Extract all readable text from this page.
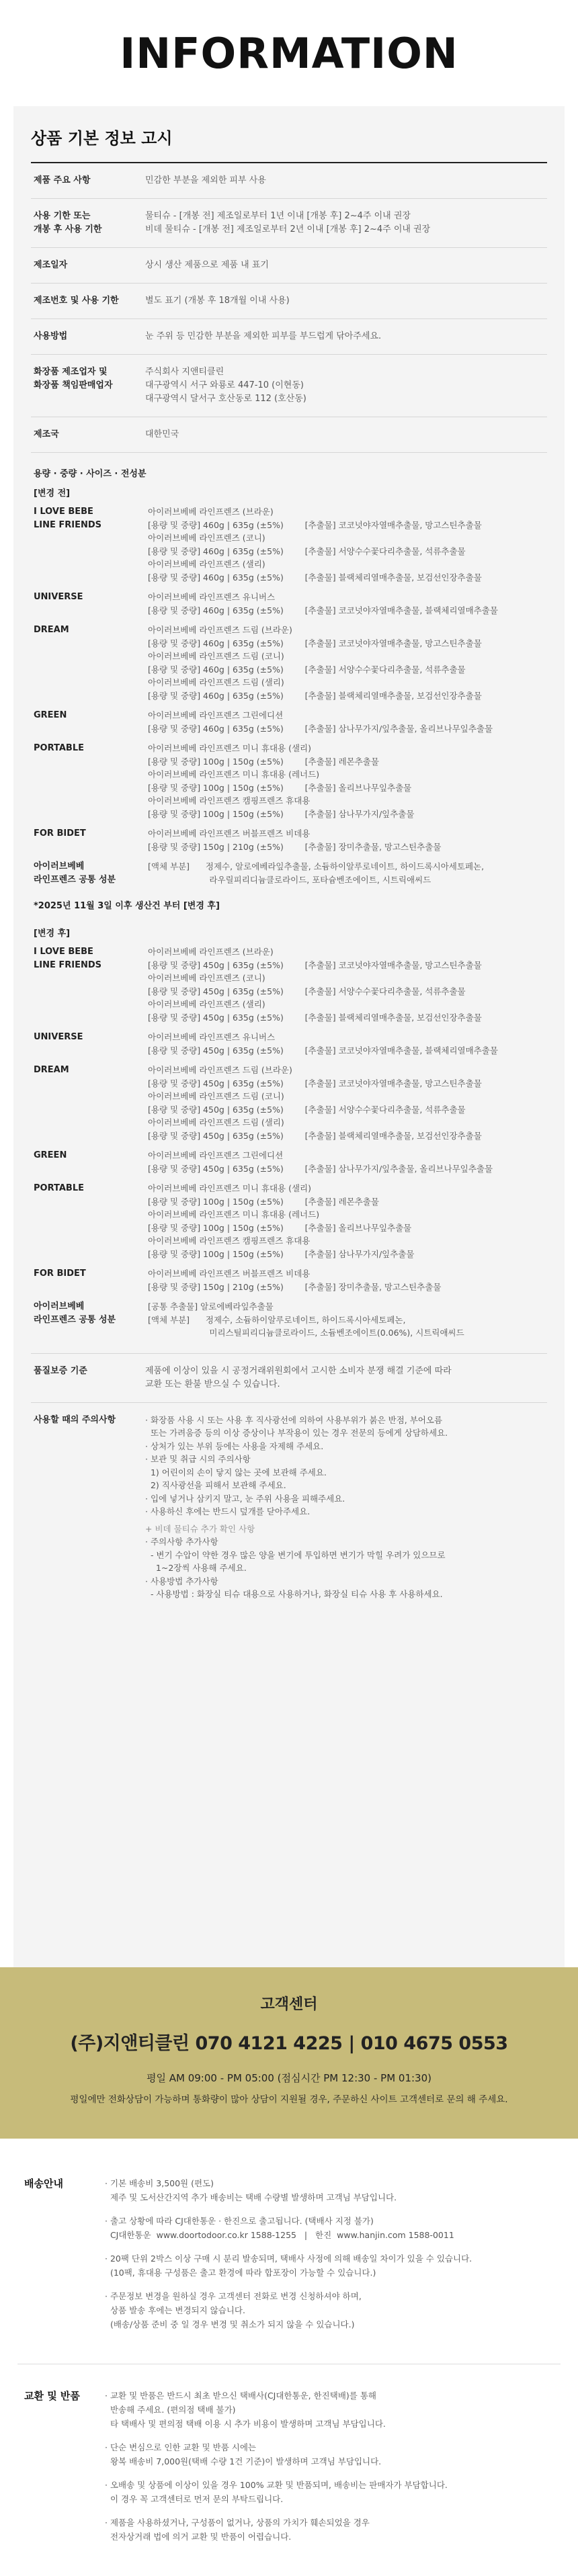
INFORMATION
상품 기본 정보 고시
제품 주요 사항	민감한 부분을 제외한 피부 사용
사용 기한 또는
개봉 후 사용 기한
물티슈 - [개봉 전] 제조일로부터 1년 이내 [개봉 후] 2~4주 이내 권장
비데 물티슈 - [개봉 전] 제조일로부터 2년 이내 [개봉 후] 2~4주 이내 권장
제조일자	상시 생산 제품으로 제품 내 표기
제조번호 및 사용 기한	별도 표기 (개봉 후 18개월 이내 사용)
사용방법	눈 주위 등 민감한 부분을 제외한 피부를 부드럽게 닦아주세요.
화장품 제조업자 및
화장품 책임판매업자
주식회사 지앤티클린
대구광역시 서구 와룡로 447-10 (이현동)
대구광역시 달서구 호산동로 112 (호산동)
제조국	대한민국
용량 · 중량 · 사이즈 · 전성분
[변경 전]
I LOVE BEBE
LINE FRIENDS
아이러브베베 라인프렌즈 (브라운)
[용량 및 중량] 460g | 635g (±5%)        [추출물] 코코넛야자열매추출물, 망고스틴추출물
아이러브베베 라인프렌즈 (코니)
[용량 및 중량] 460g | 635g (±5%)        [추출물] 서양수수꽃다리추출물, 석류추출물
아이러브베베 라인프렌즈 (샐리)
[용량 및 중량] 460g | 635g (±5%)        [추출물] 블랙체리열매추출물, 보검선인장추출물
UNIVERSE	아이러브베베 라인프렌즈 유니버스
[용량 및 중량] 460g | 635g (±5%)        [추출물] 코코넛야자열매추출물, 블랙체리열매추출물
DREAM	아이러브베베 라인프렌즈 드림 (브라운)
[용량 및 중량] 460g | 635g (±5%)        [추출물] 코코넛야자열매추출물, 망고스틴추출물
아이러브베베 라인프렌즈 드림 (코니)
[용량 및 중량] 460g | 635g (±5%)        [추출물] 서양수수꽃다리추출물, 석류추출물
아이러브베베 라인프렌즈 드림 (샐리)
[용량 및 중량] 460g | 635g (±5%)        [추출물] 블랙체리열매추출물, 보검선인장추출물
GREEN	아이러브베베 라인프렌즈 그린에디션
[용량 및 중량] 460g | 635g (±5%)        [추출물] 삼나무가지/잎추출물, 올리브나무잎추출물
PORTABLE	아이러브베베 라인프렌즈 미니 휴대용 (샐리)
[용량 및 중량] 100g | 150g (±5%)        [추출물] 레몬추출물
아이러브베베 라인프렌즈 미니 휴대용 (레너드)
[용량 및 중량] 100g | 150g (±5%)        [추출물] 올리브나무잎추출물
아이러브베베 라인프렌즈 캠핑프렌즈 휴대용
[용량 및 중량] 100g | 150g (±5%)        [추출물] 삼나무가지/잎추출물
FOR BIDET	아이러브베베 라인프렌즈 버블프렌즈 비데용
[용량 및 중량] 150g | 210g (±5%)        [추출물] 장미추출물, 망고스틴추출물
아이러브베베
라인프렌즈 공통 성분
[액체 부분]      정제수, 알로에베라잎추출물, 소듐하이알루로네이트, 하이드록시아세토페논,
라우릴피리디늄클로라이드, 포타슘벤조에이트, 시트릭애씨드
*2025년 11월 3일 이후 생산건 부터 [변경 후]
[변경 후]
I LOVE BEBE
LINE FRIENDS
아이러브베베 라인프렌즈 (브라운)
[용량 및 중량] 450g | 635g (±5%)        [추출물] 코코넛야자열매추출물, 망고스틴추출물
아이러브베베 라인프렌즈 (코니)
[용량 및 중량] 450g | 635g (±5%)        [추출물] 서양수수꽃다리추출물, 석류추출물
아이러브베베 라인프렌즈 (샐리)
[용량 및 중량] 450g | 635g (±5%)        [추출물] 블랙체리열매추출물, 보검선인장추출물
UNIVERSE	아이러브베베 라인프렌즈 유니버스
[용량 및 중량] 450g | 635g (±5%)        [추출물] 코코넛야자열매추출물, 블랙체리열매추출물
DREAM	아이러브베베 라인프렌즈 드림 (브라운)
[용량 및 중량] 450g | 635g (±5%)        [추출물] 코코넛야자열매추출물, 망고스틴추출물
아이러브베베 라인프렌즈 드림 (코니)
[용량 및 중량] 450g | 635g (±5%)        [추출물] 서양수수꽃다리추출물, 석류추출물
아이러브베베 라인프렌즈 드림 (샐리)
[용량 및 중량] 450g | 635g (±5%)        [추출물] 블랙체리열매추출물, 보검선인장추출물
GREEN	아이러브베베 라인프렌즈 그린에디션
[용량 및 중량] 450g | 635g (±5%)        [추출물] 삼나무가지/잎추출물, 올리브나무잎추출물
PORTABLE	아이러브베베 라인프렌즈 미니 휴대용 (샐리)
[용량 및 중량] 100g | 150g (±5%)        [추출물] 레몬추출물
아이러브베베 라인프렌즈 미니 휴대용 (레너드)
[용량 및 중량] 100g | 150g (±5%)        [추출물] 올리브나무잎추출물
아이러브베베 라인프렌즈 캠핑프렌즈 휴대용
[용량 및 중량] 100g | 150g (±5%)        [추출물] 삼나무가지/잎추출물
FOR BIDET	아이러브베베 라인프렌즈 버블프렌즈 비데용
[용량 및 중량] 150g | 210g (±5%)        [추출물] 장미추출물, 망고스틴추출물
아이러브베베
라인프렌즈 공통 성분
[공통 추출물] 알로에베라잎추출물
[액체 부분]      정제수, 소듐하이알루로네이트, 하이드록시아세토페논,
미리스틸피리디늄클로라이드, 소듐벤조에이트(0.06%), 시트릭애씨드
품질보증 기준	제품에 이상이 있을 시 공정거래위원회에서 고시한 소비자 분쟁 해결 기준에 따라
교환 또는 환불 받으실 수 있습니다.
사용할 때의 주의사항	· 화장품 사용 시 또는 사용 후 직사광선에 의하여 사용부위가 붉은 반점, 부어오름
또는 가려움증 등의 이상 증상이나 부작용이 있는 경우 전문의 등에게 상담하세요.
· 상처가 있는 부위 등에는 사용을 자제해 주세요.
· 보관 및 취급 시의 주의사항
1) 어린이의 손이 닿지 않는 곳에 보관해 주세요.
2) 직사광선을 피해서 보관해 주세요.
· 입에 넣거나 삼키지 말고, 눈 주위 사용을 피해주세요.
· 사용하신 후에는 반드시 덮개를 닫아주세요.
+ 비데 물티슈 추가 확인 사항
· 주의사항 추가사항
- 변기 수압이 약한 경우 많은 양을 변기에 투입하면 변기가 막힐 우려가 있으므로
1~2장씩 사용해 주세요.
· 사용방법 추가사항
- 사용방법 : 화장실 티슈 대용으로 사용하거나, 화장실 티슈 사용 후 사용하세요.
고객센터
(주)지앤티클린 070 4121 4225 | 010 4675 0553
평일 AM 09:00 - PM 05:00 (점심시간 PM 12:30 - PM 01:30)
평일에만 전화상담이 가능하며 통화량이 많아 상담이 지원될 경우, 주문하신 사이트 고객센터로 문의 해 주세요.
배송안내	· 기본 배송비 3,500원 (편도)
제주 및 도서산간지역 추가 배송비는 택배 수량별 발생하며 고객님 부담입니다.

· 출고 상황에 따라 CJ대한통운 · 한진으로 출고됩니다. (택배사 지정 불가)
CJ대한통운  www.doortodoor.co.kr 1588-1255   |   한진  www.hanjin.com 1588-0011

· 20팩 단위 2박스 이상 구매 시 분리 발송되며, 택배사 사정에 의해 배송일 차이가 있을 수 있습니다.
(10팩, 휴대용 구성품은 출고 환경에 따라 합포장이 가능할 수 있습니다.)

· 주문정보 변경을 원하실 경우 고객센터 전화로 변경 신청하셔야 하며,
상품 발송 후에는 변경되지 않습니다.
(배송/상품 준비 중 일 경우 변경 및 취소가 되지 않을 수 있습니다.)

교환 및 반품	· 교환 및 반품은 반드시 최초 받으신 택배사(CJ대한통운, 한진택배)를 통해
반송해 주세요. (편의점 택배 불가)
타 택배사 및 편의점 택배 이용 시 추가 비용이 발생하며 고객님 부담입니다.

· 단순 변심으로 인한 교환 및 반품 시에는
왕복 배송비 7,000원(택배 수량 1건 기준)이 발생하며 고객님 부담입니다.

· 오배송 및 상품에 이상이 있을 경우 100% 교환 및 반품되며, 배송비는 판매자가 부담합니다.
이 경우 꼭 고객센터로 먼저 문의 부탁드립니다.

· 제품을 사용하셨거나, 구성품이 없거나, 상품의 가치가 훼손되었을 경우
전자상거래 법에 의거 교환 및 반품이 어렵습니다.
